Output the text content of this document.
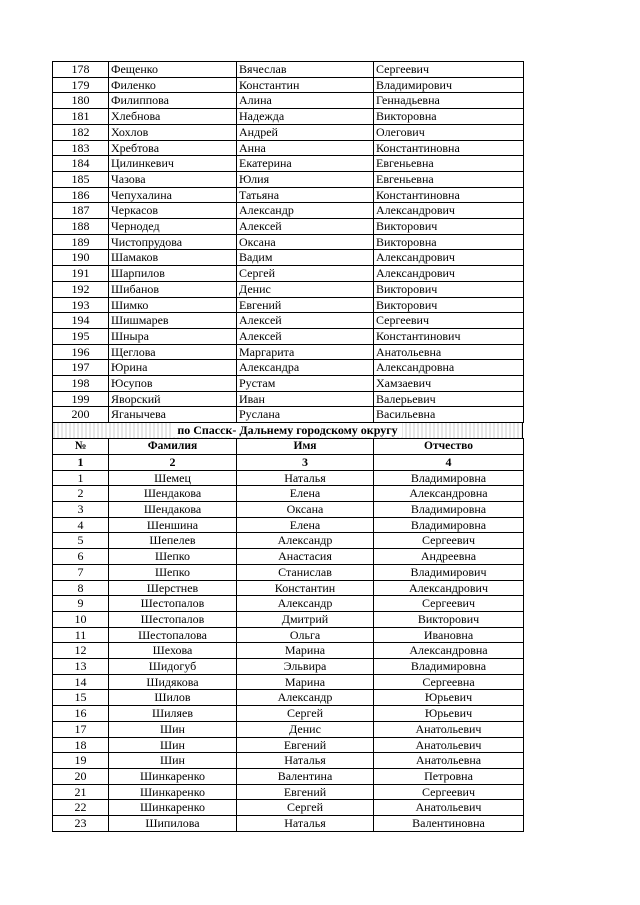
178	Фещенко	Вячеслав	Сергеевич
179	Филенко	Константин	Владимирович
180	Филиппова	Алина	Геннадьевна
181	Хлебнова	Надежда	Викторовна
182	Хохлов	Андрей	Олегович
183	Хребтова	Анна	Константиновна
184	Цилинкевич	Екатерина	Евгеньевна
185	Чазова	Юлия	Евгеньевна
186	Чепухалина	Татьяна	Константиновна
187	Черкасов	Александр	Александрович
188	Чернодед	Алексей	Викторович
189	Чистопрудова	Оксана	Викторовна
190	Шамаков	Вадим	Александрович
191	Шарпилов	Сергей	Александрович
192	Шибанов	Денис	Викторович
193	Шимко	Евгений	Викторович
194	Шишмарев	Алексей	Сергеевич
195	Шныра	Алексей	Константинович
196	Щеглова	Маргарита	Анатольевна
197	Юрина	Александра	Александровна
198	Юсупов	Рустам	Хамзаевич
199	Яворский	Иван	Валерьевич
200	Яганычева	Руслана	Васильевна
по Спасск- Дальнему городскому округу
№	Фамилия	Имя	Отчество
1	2	3	4
1	Шемец	Наталья	Владимировна
2	Шендакова	Елена	Александровна
3	Шендакова	Оксана	Владимировна
4	Шеншина	Елена	Владимировна
5	Шепелев	Александр	Сергеевич
6	Шепко	Анастасия	Андреевна
7	Шепко	Станислав	Владимирович
8	Шерстнев	Константин	Александрович
9	Шестопалов	Александр	Сергеевич
10	Шестопалов	Дмитрий	Викторович
11	Шестопалова	Ольга	Ивановна
12	Шехова	Марина	Александровна
13	Шидогуб	Эльвира	Владимировна
14	Шидякова	Марина	Сергеевна
15	Шилов	Александр	Юрьевич
16	Шиляев	Сергей	Юрьевич
17	Шин	Денис	Анатольевич
18	Шин	Евгений	Анатольевич
19	Шин	Наталья	Анатольевна
20	Шинкаренко	Валентина	Петровна
21	Шинкаренко	Евгений	Сергеевич
22	Шинкаренко	Сергей	Анатольевич
23	Шипилова	Наталья	Валентиновна
